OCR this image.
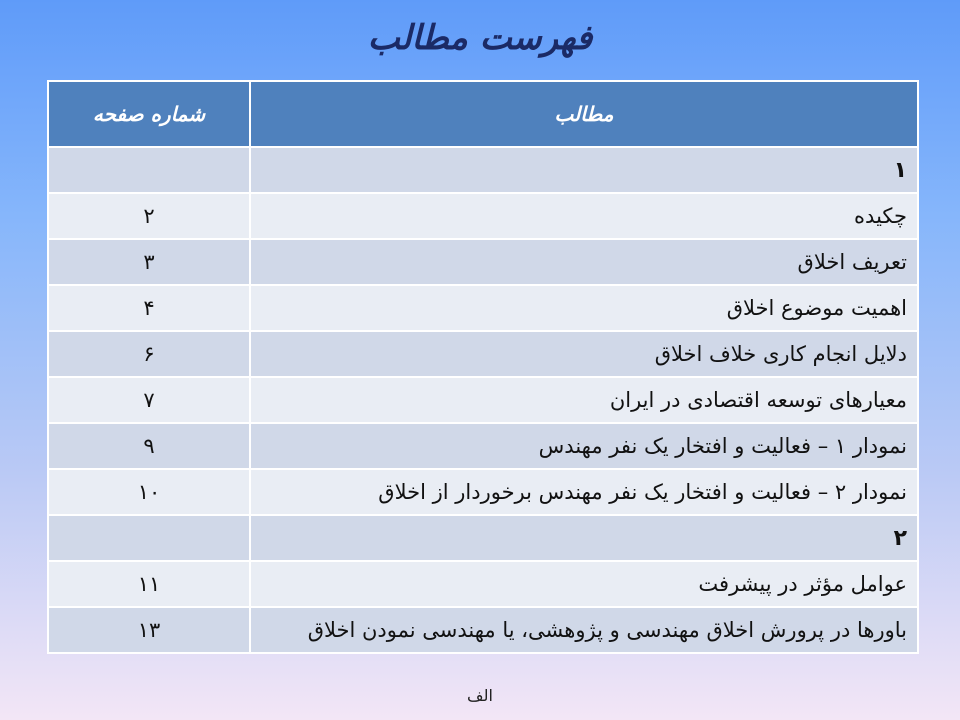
فهرست مطالب
مطالب	شماره صفحه
۱	
چکیده	۲
تعریف اخلاق	۳
اهمیت موضوع اخلاق	۴
دلایل انجام کاری خلاف اخلاق	۶
معیارهای توسعه اقتصادی در ایران	۷
نمودار ۱ – فعالیت و افتخار یک نفر مهندس	۹
نمودار ۲ – فعالیت و افتخار یک نفر مهندس برخوردار از اخلاق	۱۰
۲	
عوامل مؤثر در پیشرفت	۱۱
باورها در پرورش اخلاق مهندسی و پژوهشی، یا مهندسی نمودن اخلاق	۱۳
الف
